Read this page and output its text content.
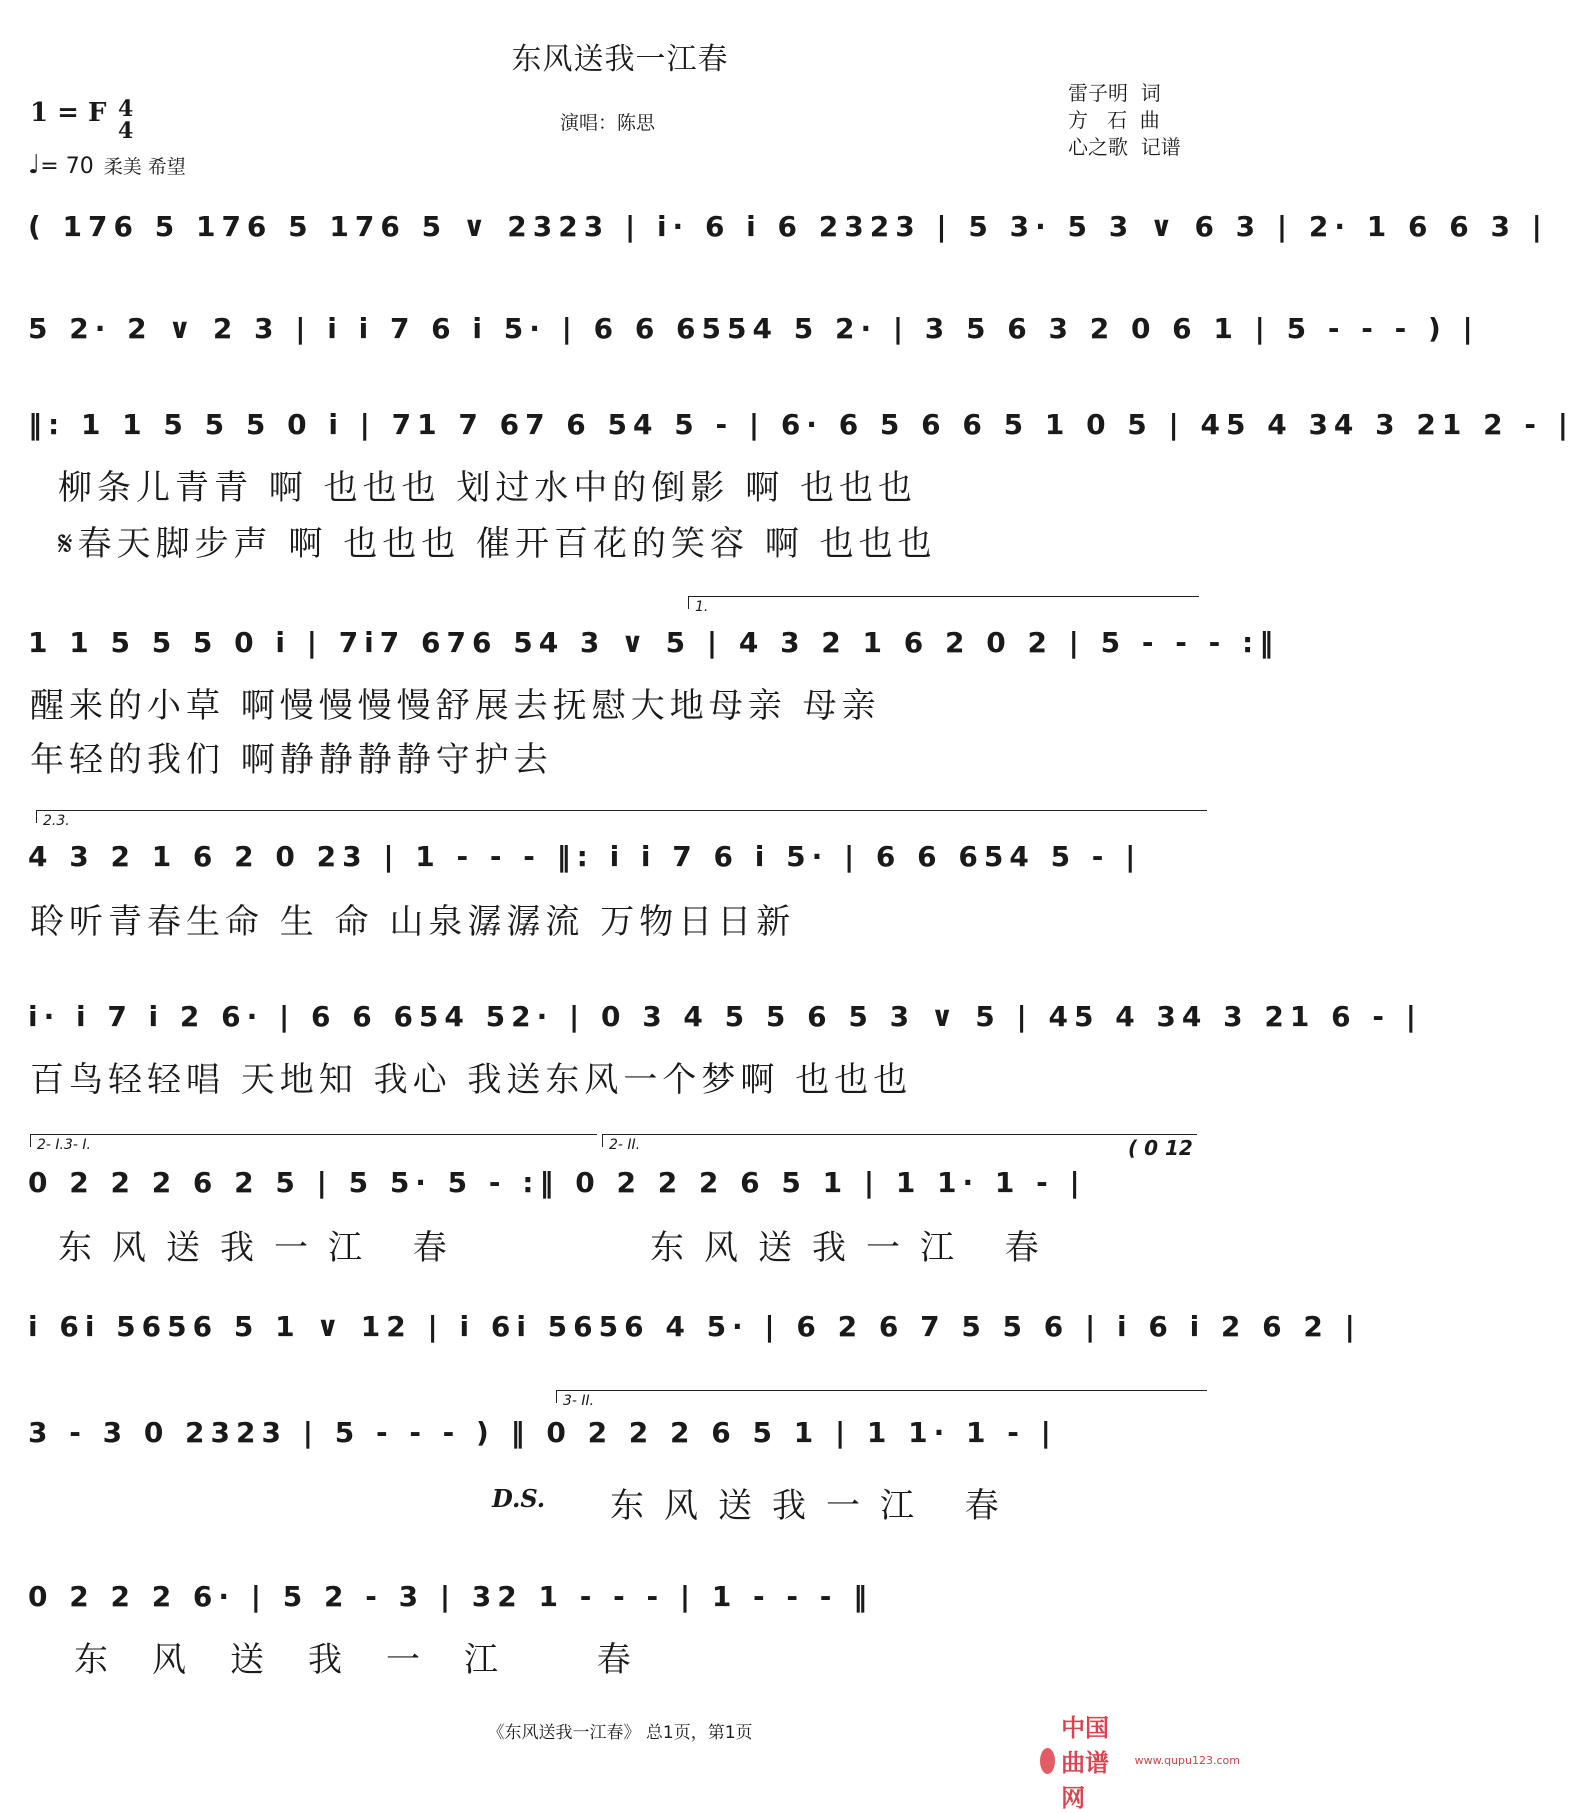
东风送我一江春
1 = F 4
4
♩= 70 柔美 希望
演唱：陈思
雷子明  词
方   石  曲
心之歌  记谱
( 176 5 176 5 176 5 ∨ 2323 | i· 6 i 6 2323 | 5 3· 5 3 ∨ 6 3 | 2· 1 6 6 3 |
5 2· 2 ∨ 2 3 | i i 7 6 i 5· | 6 6 6554 5 2· | 3 5 6 3 2 0 6 1 | 5 - - - ) |
‖: 1 1 5 5 5 0 i | 71 7 67 6 54 5 - | 6· 6 5 6 6 5 1 0 5 | 45 4 34 3 21 2 - |
柳条儿青青 啊 也也也 划过水中的倒影 啊 也也也
𝄋春天脚步声 啊 也也也 催开百花的笑容 啊 也也也
1.
1 1 5 5 5 0 i | 7i7 676 54 3 ∨ 5 | 4 3 2 1 6 2 0 2 | 5 - - - :‖
醒来的小草 啊慢慢慢慢舒展去抚慰大地母亲 母亲
年轻的我们 啊静静静静守护去
2.3.
4 3 2 1 6 2 0 23 | 1 - - - ‖: i i 7 6 i 5· | 6 6 654 5 - |
聆听青春生命 生 命 山泉潺潺流 万物日日新
i· i 7 i 2 6· | 6 6 654 52· | 0 3 4 5 5 6 5 3 ∨ 5 | 45 4 34 3 21 6 - |
百鸟轻轻唱 天地知 我心 我送东风一个梦啊 也也也
2- I.3- I.	2- II.	( 0 12
0 2 2 2 6 2 5 | 5 5· 5 - :‖ 0 2 2 2 6 5 1 | 1 1· 1 - |
东风送我一江 春	东风送我一江 春
i 6i 5656 5 1 ∨ 12 | i 6i 5656 4 5· | 6 2 6 7 5 5 6 | i 6 i 2 6 2 |
3- II.
3 - 3 0 2323 | 5 - - - ) ‖ 0 2 2 2 6 5 1 | 1 1· 1 - |
D.S. 东风送我一江 春
0 2 2 2 6· | 5 2 - 3 | 32 1 - - - | 1 - - - ‖
东风送我一江 春
《东风送我一江春》 总1页，第1页	中国曲谱网
www.qupu123.com
